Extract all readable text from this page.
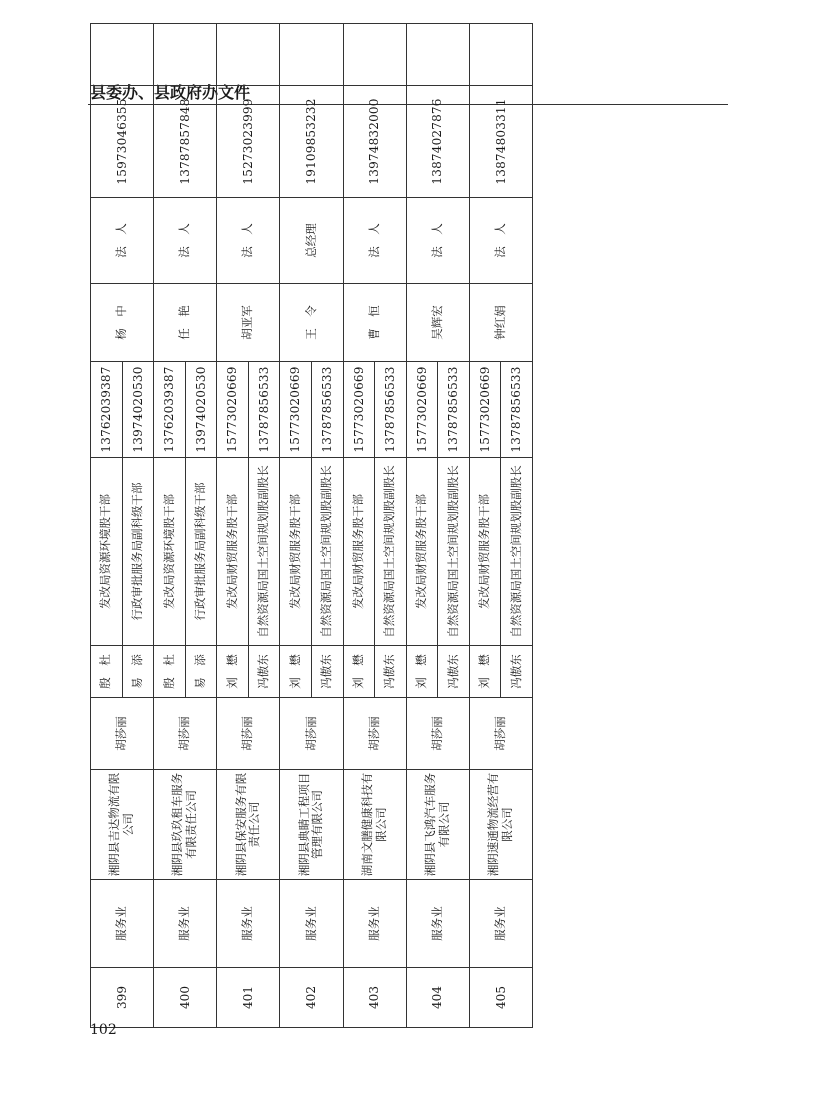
县委办、县政府办文件
399	服务业	湘阴县吉达物流有限公司	胡莎丽	殷　杜	发改局资源环境股干部	13762039387	杨　中	法　人	15973046355	
				易　添	行政审批服务局副科级干部	13974020530				
400	服务业	湘阴县玖玖租车服务有限责任公司	胡莎丽	殷　杜	发改局资源环境股干部	13762039387	任　艳	法　人	13787857848	
				易　添	行政审批服务局副科级干部	13974020530				
401	服务业	湘阴县保安服务有限责任公司	胡莎丽	刘　懋	发改局财贸服务股干部	15773020669	胡亚军	法　人	15273023999	
				冯傲东	自然资源局国土空间规划股副股长	13787856533				
402	服务业	湘阴县典睛工程项目管理有限公司	胡莎丽	刘　懋	发改局财贸服务股干部	15773020669	王　令	总经理	19109853232	
				冯傲东	自然资源局国土空间规划股副股长	13787856533				
403	服务业	湖南文膳健康科技有限公司	胡莎丽	刘　懋	发改局财贸服务股干部	15773020669	曹　恒	法　人	13974832000	
				冯傲东	自然资源局国土空间规划股副股长	13787856533				
404	服务业	湘阴县飞鸿汽车服务有限公司	胡莎丽	刘　懋	发改局财贸服务股干部	15773020669	吴辉宏	法　人	13874027876	
				冯傲东	自然资源局国土空间规划股副股长	13787856533				
405	服务业	湘阴速通物流经营有限公司	胡莎丽	刘　懋	发改局财贸服务股干部	15773020669	钟红娟	法　人	13874803311	
				冯傲东	自然资源局国土空间规划股副股长	13787856533				
102
